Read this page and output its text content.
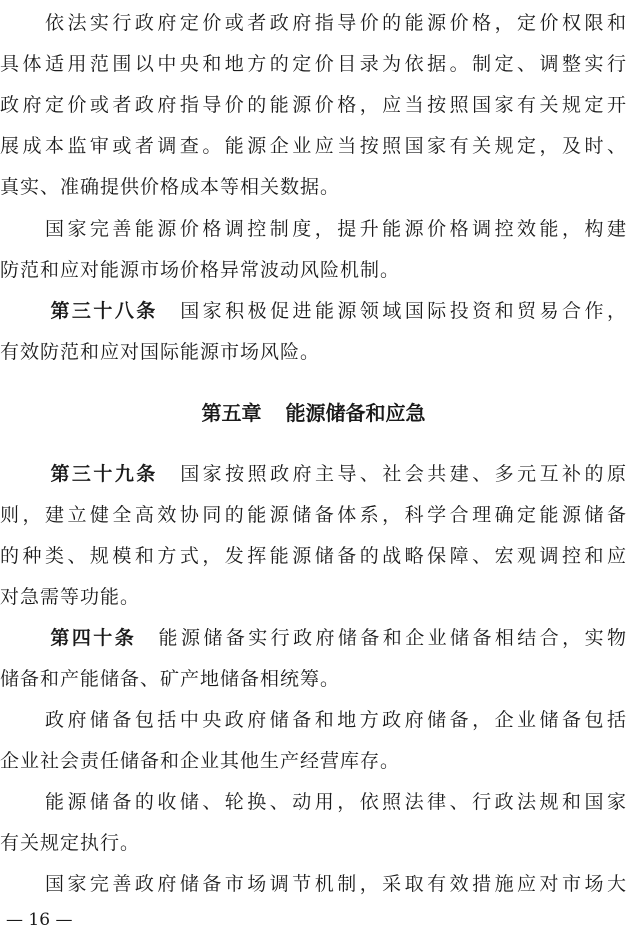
　　依法实行政府定价或者政府指导价的能源价格，定价权限和
具体适用范围以中央和地方的定价目录为依据。制定、调整实行
政府定价或者政府指导价的能源价格，应当按照国家有关规定开
展成本监审或者调查。能源企业应当按照国家有关规定，及时、
真实、准确提供价格成本等相关数据。
　　国家完善能源价格调控制度，提升能源价格调控效能，构建
防范和应对能源市场价格异常波动风险机制。
第三十八条　国家积极促进能源领域国际投资和贸易合作，
有效防范和应对国际能源市场风险。
第五章 能源储备和应急
第三十九条　国家按照政府主导、社会共建、多元互补的原
则，建立健全高效协同的能源储备体系，科学合理确定能源储备
的种类、规模和方式，发挥能源储备的战略保障、宏观调控和应
对急需等功能。
第四十条　能源储备实行政府储备和企业储备相结合，实物
储备和产能储备、矿产地储备相统筹。
　　政府储备包括中央政府储备和地方政府储备，企业储备包括
企业社会责任储备和企业其他生产经营库存。
　　能源储备的收储、轮换、动用，依照法律、行政法规和国家
有关规定执行。
　　国家完善政府储备市场调节机制，采取有效措施应对市场大
— 16 —
